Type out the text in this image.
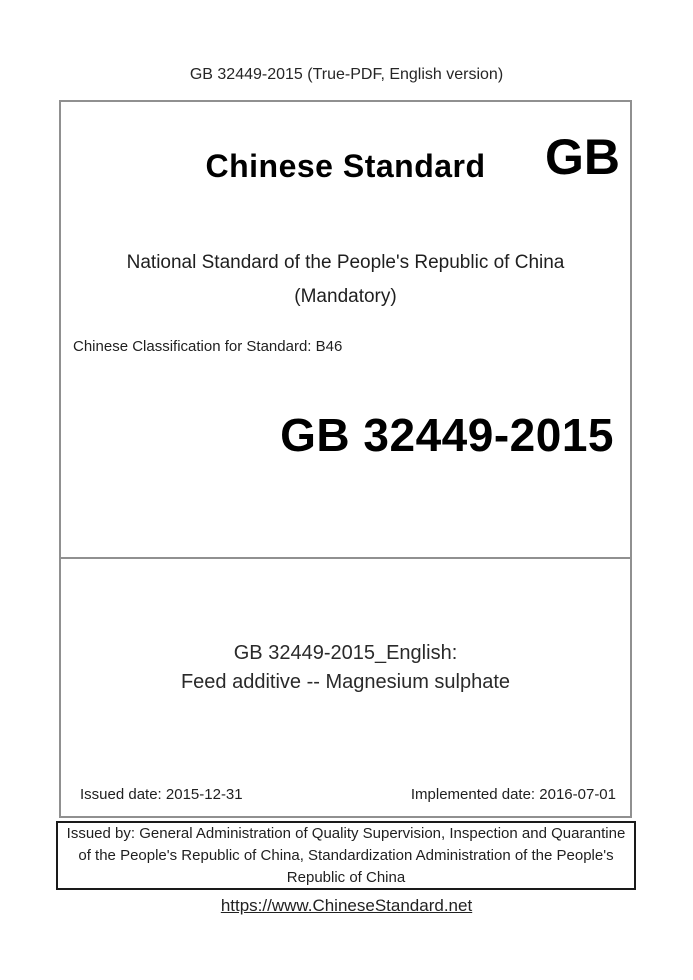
GB 32449-2015 (True-PDF, English version)
Chinese Standard	GB
National Standard of the People's Republic of China
(Mandatory)
Chinese Classification for Standard: B46
GB 32449-2015
GB 32449-2015_English:
Feed additive -- Magnesium sulphate
Issued date: 2015-12-31	Implemented date: 2016-07-01
Issued by: General Administration of Quality Supervision, Inspection and Quarantine of the People's Republic of China, Standardization Administration of the People's Republic of China
https://www.ChineseStandard.net
